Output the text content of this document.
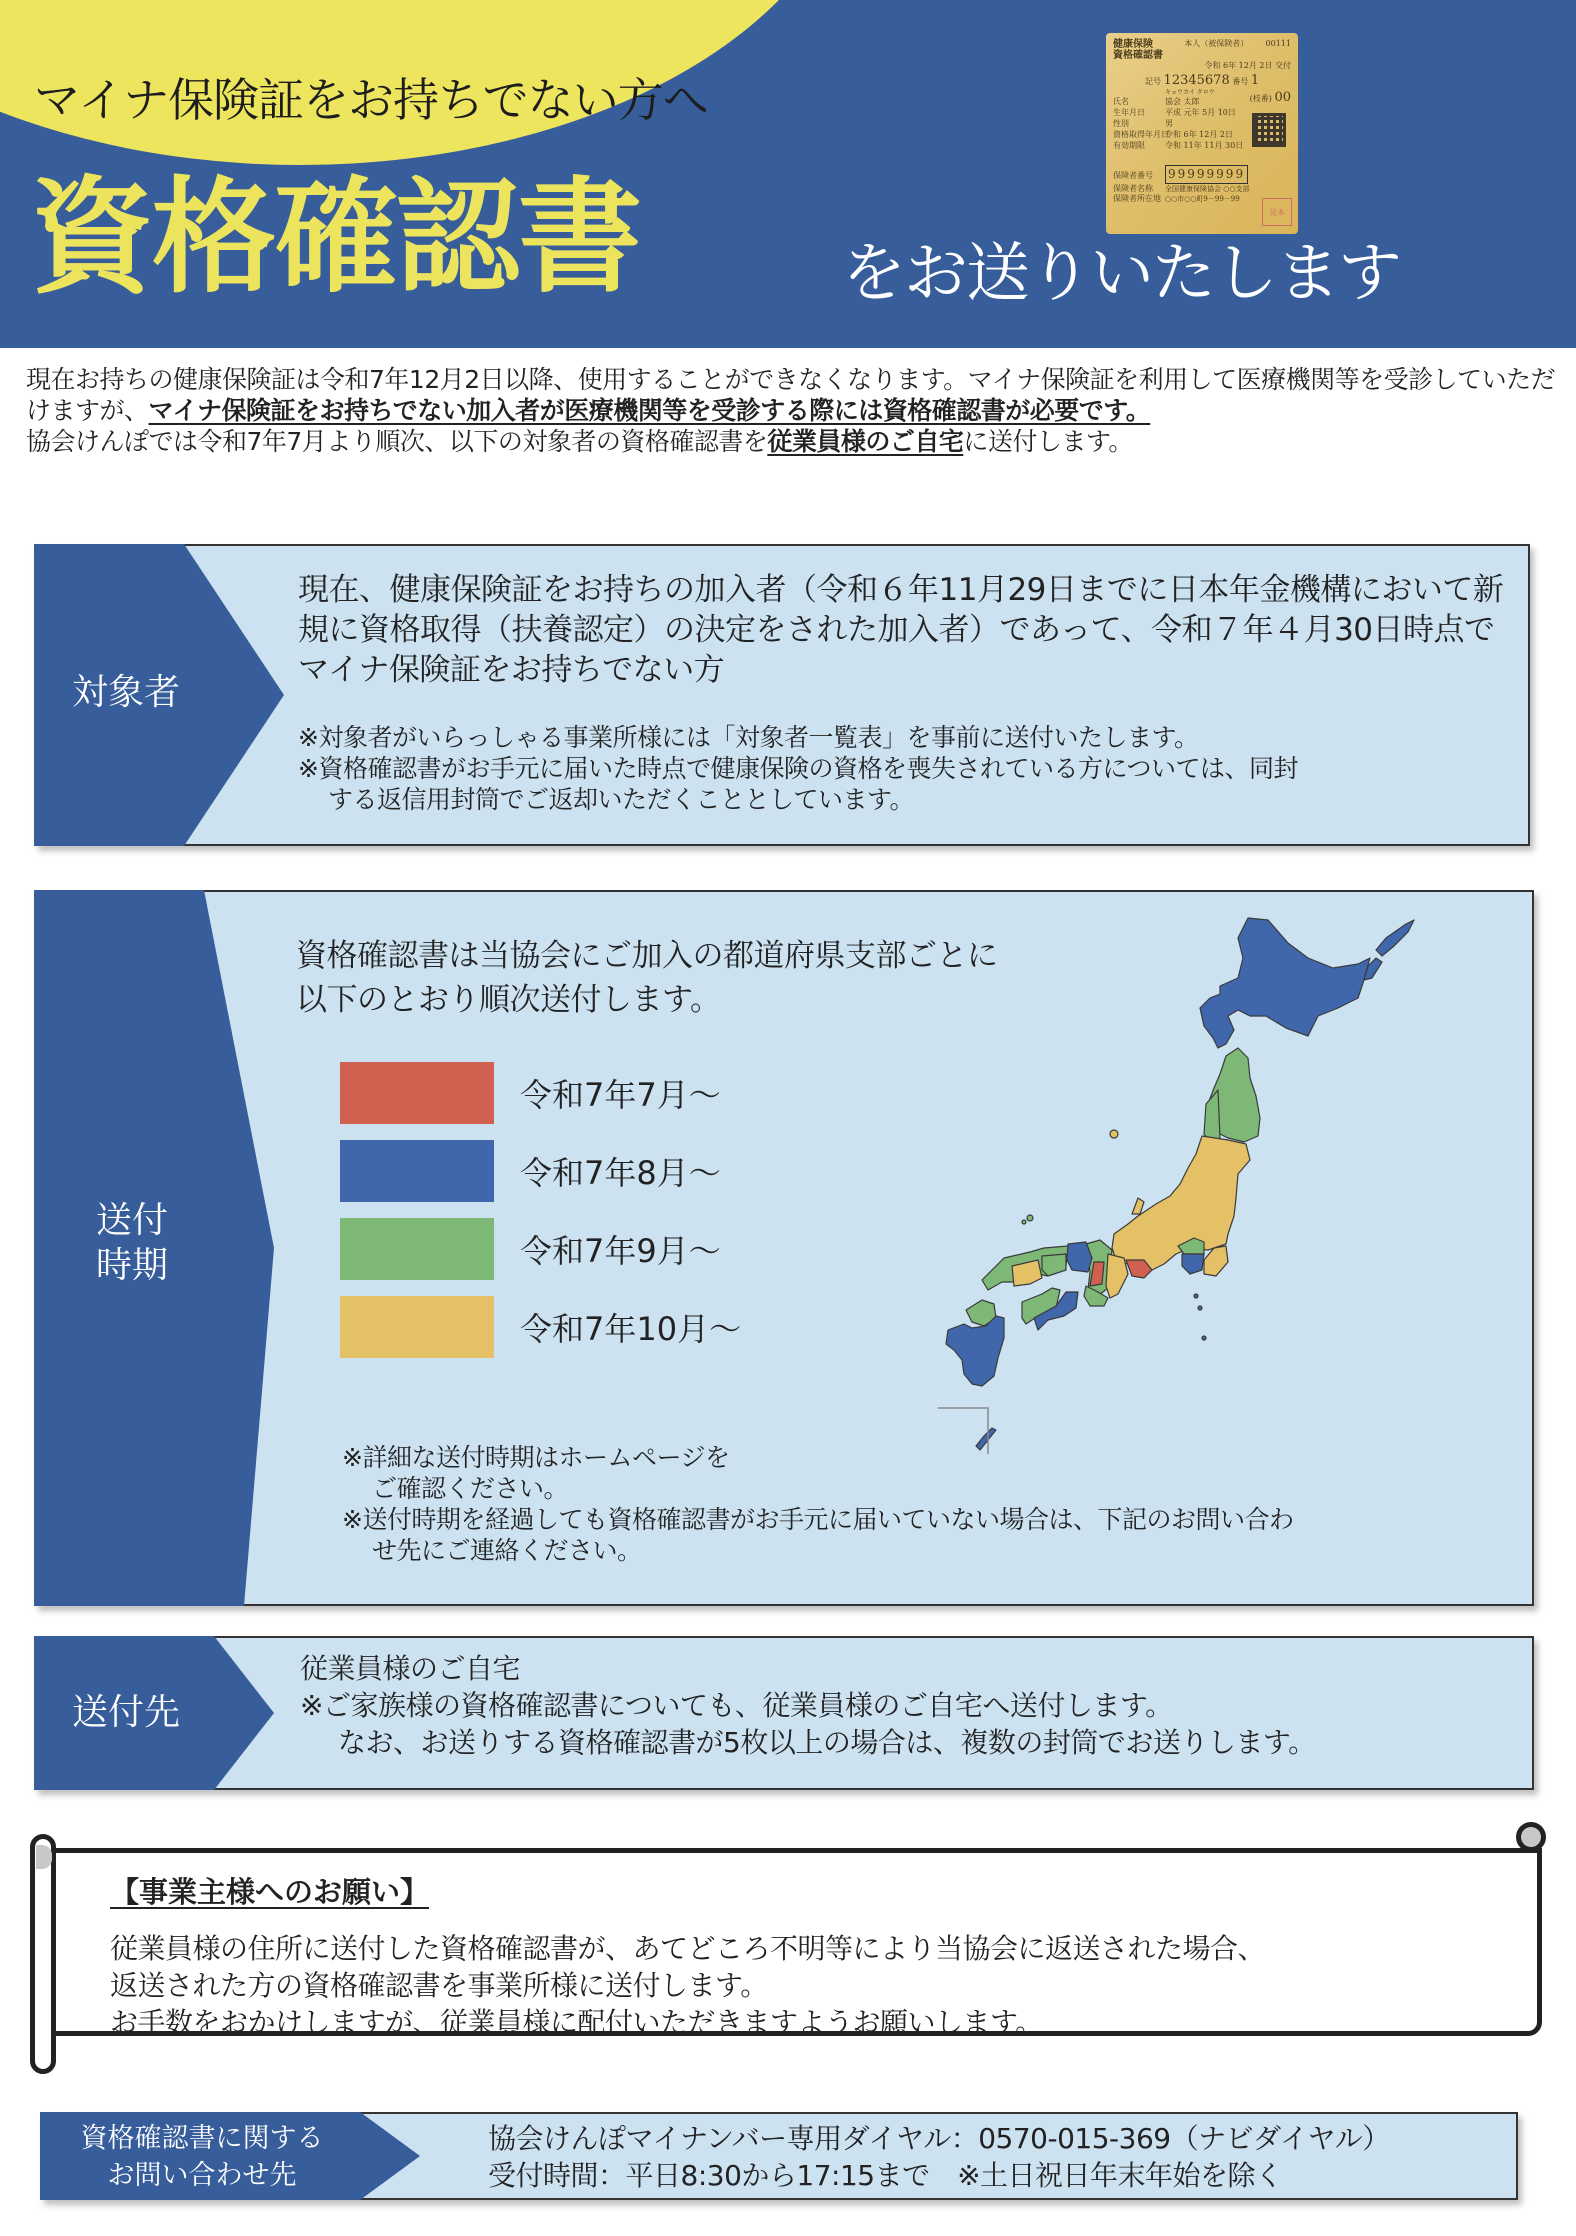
マイナ保険証をお持ちでない方へ
資格確認書	をお送りいたします
健康保険
資格確認書
本人（被保険者） 00111
令和 6年 12月 2日 交付
記号 12345678 番号 1
(枝番) 00
キョウカイ タロウ
氏名	協会 太郎
生年月日	平成 元年 5月 10日
性別	男
資格取得年月日令和 6年 12月 2日
有効期限	令和 11年 11月 30日
保険者番号 99999999
保険者名称 全国健康保険協会 ○○支部
保険者所在地 ○○市○○町9－99－99
見本
現在お持ちの健康保険証は令和7年12月2日以降、使用することができなくなります。マイナ保険証を利用して医療機関等を受診していただけますが、マイナ保険証をお持ちでない加入者が医療機関等を受診する際には資格確認書が必要です。
協会けんぽでは令和7年7月より順次、以下の対象者の資格確認書を従業員様のご自宅に送付します。
対象者
現在、健康保険証をお持ちの加入者（令和６年11月29日までに日本年金機構において新規に資格取得（扶養認定）の決定をされた加入者）であって、令和７年４月30日時点でマイナ保険証をお持ちでない方
※対象者がいらっしゃる事業所様には「対象者一覧表」を事前に送付いたします。
※資格確認書がお手元に届いた時点で健康保険の資格を喪失されている方については、同封
する返信用封筒でご返却いただくこととしています。
送付
時期
資格確認書は当協会にご加入の都道府県支部ごとに
以下のとおり順次送付します。
令和7年7月～
令和7年8月～
令和7年9月～
令和7年10月～
※詳細な送付時期はホームページを
ご確認ください。
※送付時期を経過しても資格確認書がお手元に届いていない場合は、下記のお問い合わ
せ先にご連絡ください。
送付先
従業員様のご自宅
※ご家族様の資格確認書についても、従業員様のご自宅へ送付します。
なお、お送りする資格確認書が5枚以上の場合は、複数の封筒でお送りします。
【事業主様へのお願い】
従業員様の住所に送付した資格確認書が、あてどころ不明等により当協会に返送された場合、
返送された方の資格確認書を事業所様に送付します。
お手数をおかけしますが、従業員様に配付いただきますようお願いします。
資格確認書に関する
お問い合わせ先
協会けんぽマイナンバー専用ダイヤル：0570-015-369（ナビダイヤル）
受付時間：平日8:30から17:15まで　※土日祝日年末年始を除く
